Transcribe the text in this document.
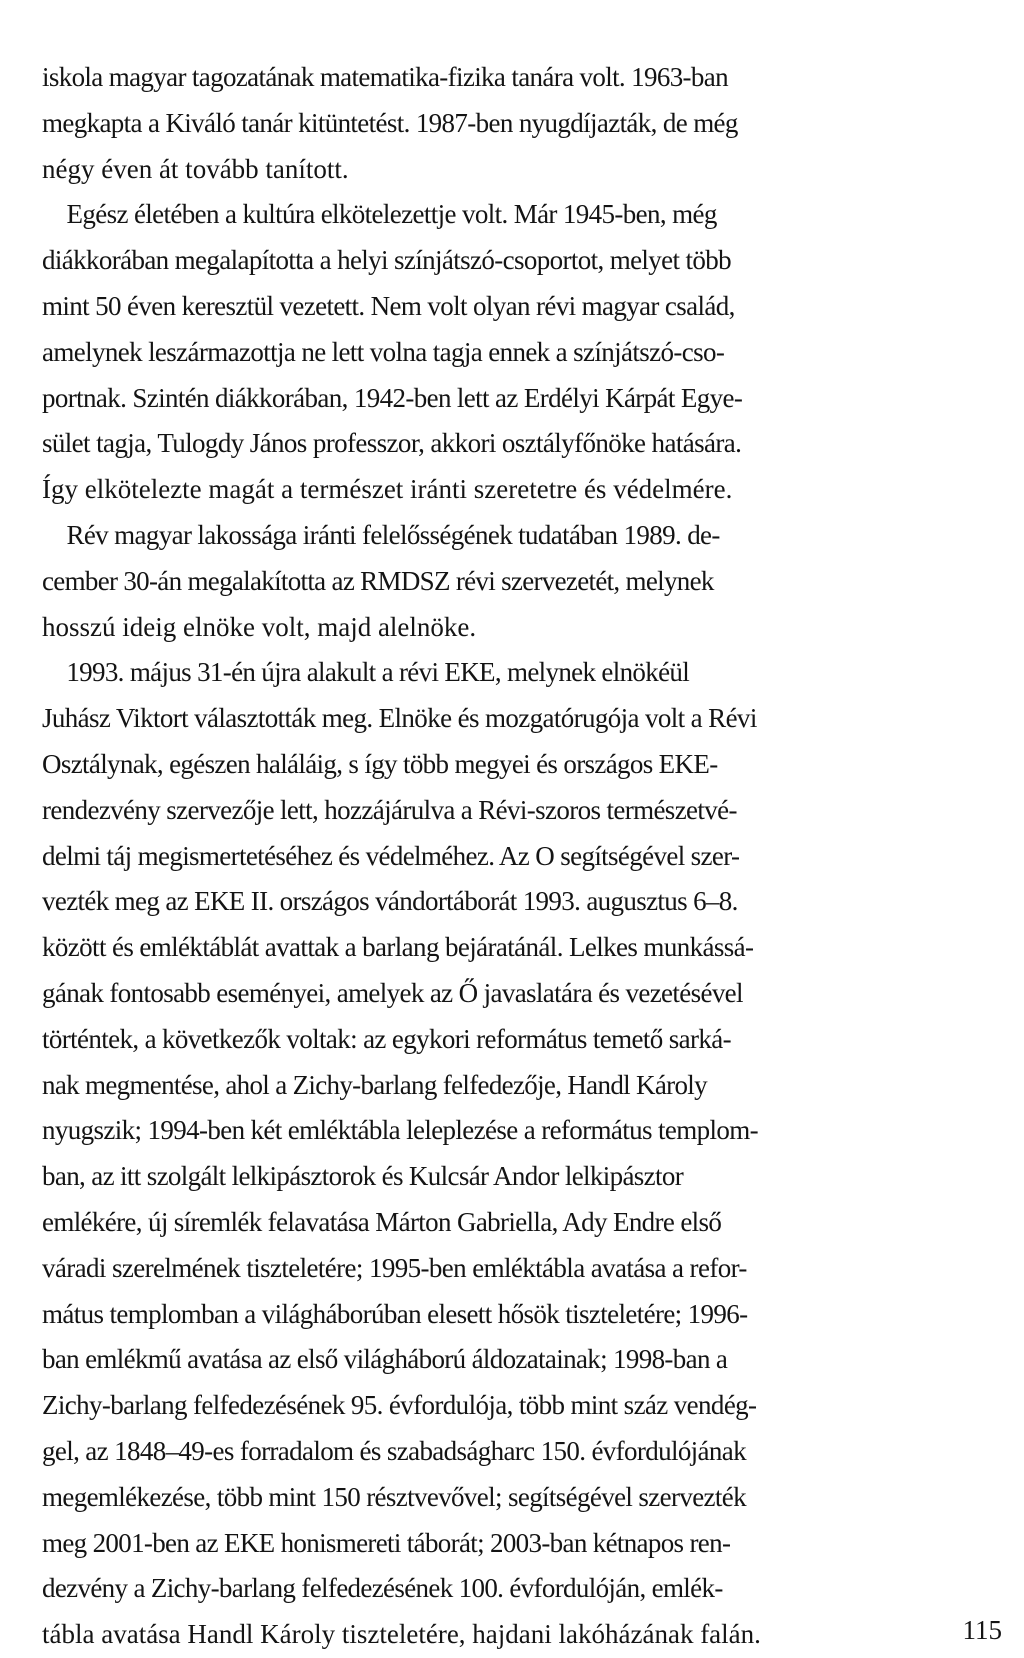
iskola magyar tagozatának matematika-fizika tanára volt. 1963-ban
megkapta a Kiváló tanár kitüntetést. 1987-ben nyugdíjazták, de még
négy éven át tovább tanított.
Egész életében a kultúra elkötelezettje volt. Már 1945-ben, még
diákkorában megalapította a helyi színjátszó-csoportot, melyet több
mint 50 éven keresztül vezetett. Nem volt olyan révi magyar család,
amelynek leszármazottja ne lett volna tagja ennek a színjátszó-cso-
portnak. Szintén diákkorában, 1942-ben lett az Erdélyi Kárpát Egye-
sület tagja, Tulogdy János professzor, akkori osztályfőnöke hatására.
Így elkötelezte magát a természet iránti szeretetre és védelmére.
Rév magyar lakossága iránti felelősségének tudatában 1989. de-
cember 30-án megalakította az RMDSZ révi szervezetét, melynek
hosszú ideig elnöke volt, majd alelnöke.
1993. május 31-én újra alakult a révi EKE, melynek elnökéül
Juhász Viktort választották meg. Elnöke és mozgatórugója volt a Révi
Osztálynak, egészen haláláig, s így több megyei és országos EKE-
rendezvény szervezője lett, hozzájárulva a Révi-szoros természetvé-
delmi táj megismertetéséhez és védelméhez. Az O segítségével szer-
vezték meg az EKE II. országos vándortáborát 1993. augusztus 6–8.
között és emléktáblát avattak a barlang bejáratánál. Lelkes munkássá-
gának fontosabb eseményei, amelyek az Ő javaslatára és vezetésével
történtek, a következők voltak: az egykori református temető sarká-
nak megmentése, ahol a Zichy-barlang felfedezője, Handl Károly
nyugszik; 1994-ben két emléktábla leleplezése a református templom-
ban, az itt szolgált lelkipásztorok és Kulcsár Andor lelkipásztor
emlékére, új síremlék felavatása Márton Gabriella, Ady Endre első
váradi szerelmének tiszteletére; 1995-ben emléktábla avatása a refor-
mátus templomban a világháborúban elesett hősök tiszteletére; 1996-
ban emlékmű avatása az első világháború áldozatainak; 1998-ban a
Zichy-barlang felfedezésének 95. évfordulója, több mint száz vendég-
gel, az 1848–49-es forradalom és szabadságharc 150. évfordulójának
megemlékezése, több mint 150 résztvevővel; segítségével szervezték
meg 2001-ben az EKE honismereti táborát; 2003-ban kétnapos ren-
dezvény a Zichy-barlang felfedezésének 100. évfordulóján, emlék-
tábla avatása Handl Károly tiszteletére, hajdani lakóházának falán.	115
